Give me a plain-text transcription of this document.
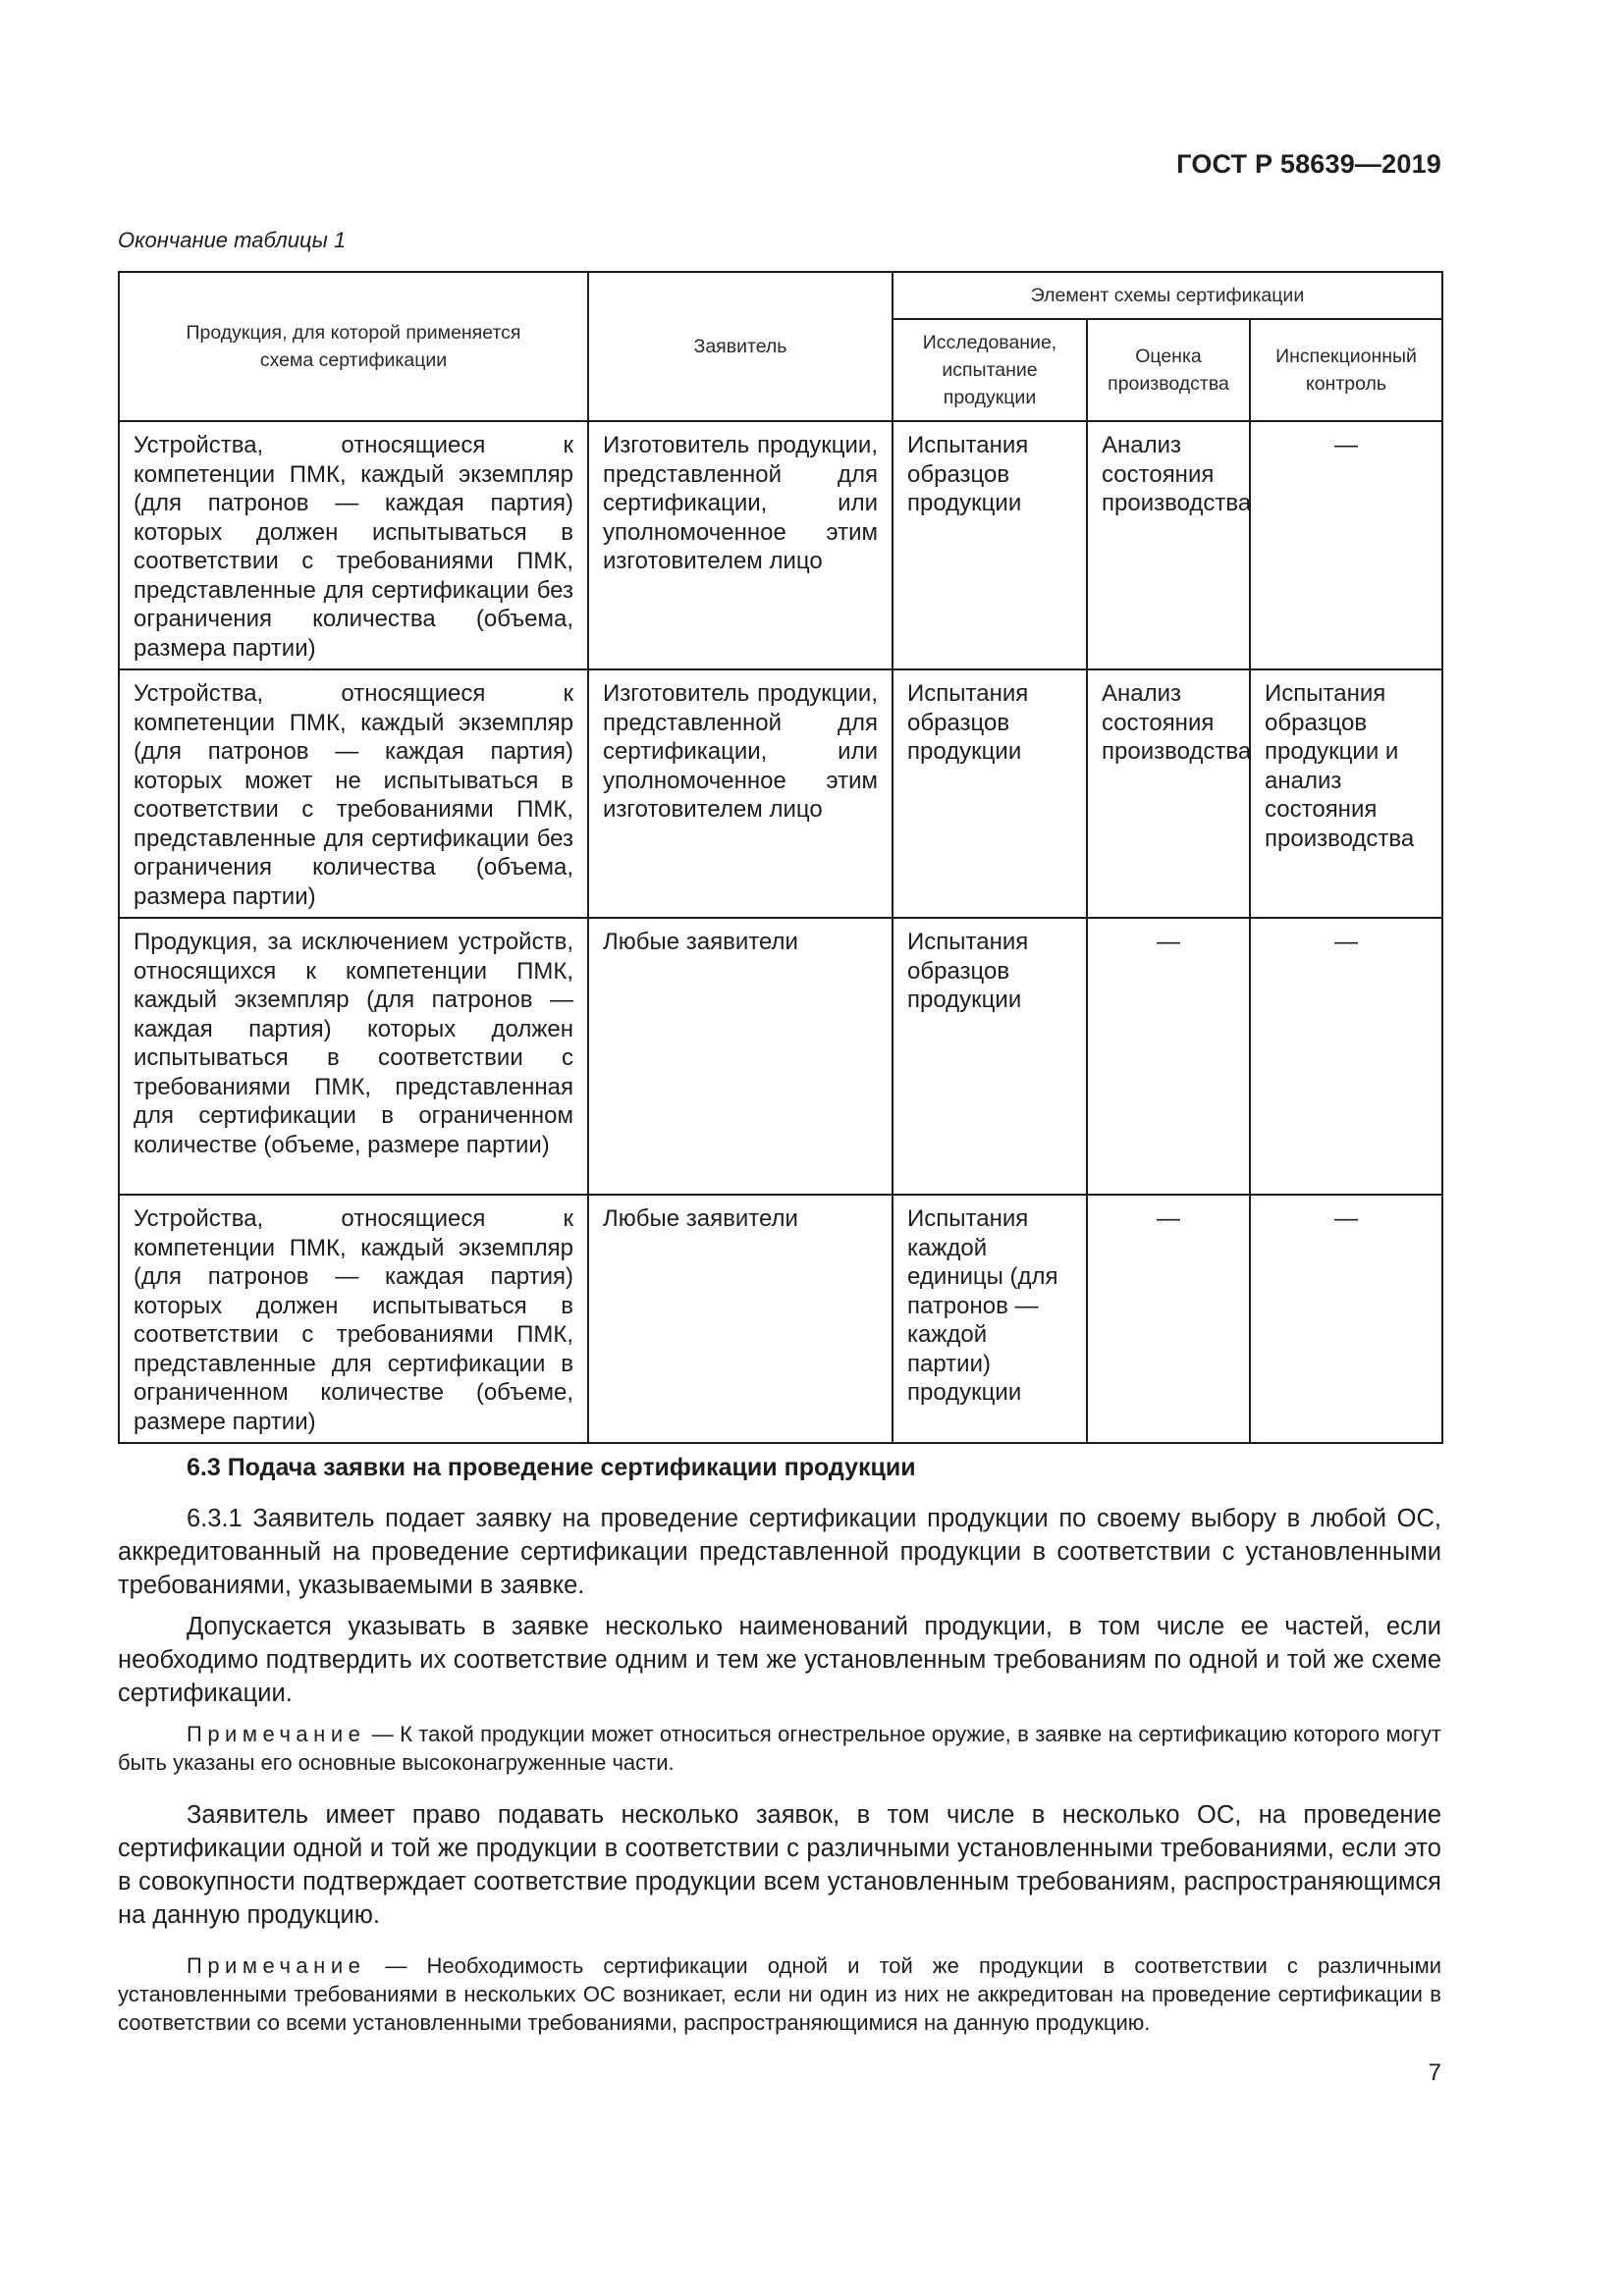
ГОСТ Р 58639—2019
Окончание таблицы 1
Продукция, для которой применяется схема сертификации	Заявитель	Элемент схемы сертификации		
		Исследование, испытание продукции	Оценка производства	Инспекционный контроль
Устройства, относящиеся к компетенции ПМК, каждый экземпляр (для патронов — каждая партия) которых должен испытываться в соответствии с требованиями ПМК, представленные для сертификации без ограничения количества (объема, размера партии)	Изготовитель продукции, представленной для сертификации, или уполномоченное этим изготовителем лицо	Испытания образцов продукции	Анализ состояния производства	—
Устройства, относящиеся к компетенции ПМК, каждый экземпляр (для патронов — каждая партия) которых может не испытываться в соответствии с требованиями ПМК, представленные для сертификации без ограничения количества (объема, размера партии)	Изготовитель продукции, представленной для сертификации, или уполномоченное этим изготовителем лицо	Испытания образцов продукции	Анализ состояния производства	Испытания образцов продукции и анализ состояния производства
Продукция, за исключением устройств, относящихся к компетенции ПМК, каждый экземпляр (для патронов — каждая партия) которых должен испытываться в соответствии с требованиями ПМК, представленная для сертификации в ограниченном количестве (объеме, размере партии)	Любые заявители	Испытания образцов продукции	—	—
Устройства, относящиеся к компетенции ПМК, каждый экземпляр (для патронов — каждая партия) которых должен испытываться в соответствии с требованиями ПМК, представленные для сертификации в ограниченном количестве (объеме, размере партии)	Любые заявители	Испытания каждой единицы (для патронов — каждой партии) продукции	—	—
6.3 Подача заявки на проведение сертификации продукции

6.3.1 Заявитель подает заявку на проведение сертификации продукции по своему выбору в любой ОС, аккредитованный на проведение сертификации представленной продукции в соответствии с установленными требованиями, указываемыми в заявке.

Допускается указывать в заявке несколько наименований продукции, в том числе ее частей, если необходимо подтвердить их соответствие одним и тем же установленным требованиям по одной и той же схеме сертификации.

Примечание — К такой продукции может относиться огнестрельное оружие, в заявке на сертификацию которого могут быть указаны его основные высоконагруженные части.

Заявитель имеет право подавать несколько заявок, в том числе в несколько ОС, на проведение сертификации одной и той же продукции в соответствии с различными установленными требованиями, если это в совокупности подтверждает соответствие продукции всем установленным требованиям, распространяющимся на данную продукцию.

Примечание — Необходимость сертификации одной и той же продукции в соответствии с различными установленными требованиями в нескольких ОС возникает, если ни один из них не аккредитован на проведение сертификации в соответствии со всеми установленными требованиями, распространяющимися на данную продукцию.

7
